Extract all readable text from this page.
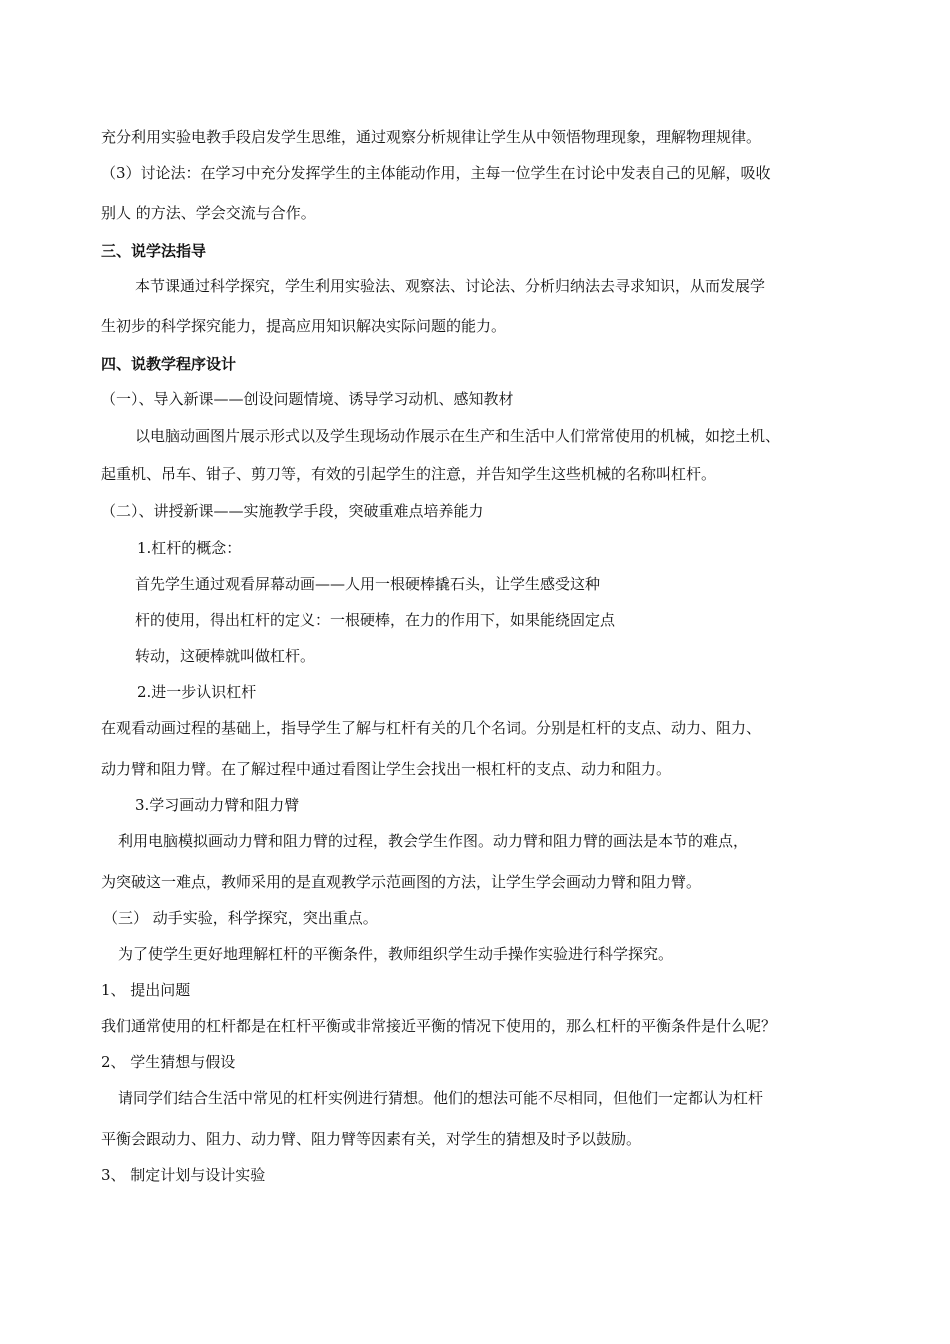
充分利用实验电教手段启发学生思维，通过观察分析规律让学生从中领悟物理现象，理解物理规律。
（3）讨论法：在学习中充分发挥学生的主体能动作用，主每一位学生在讨论中发表自己的见解，吸收
别人 的方法、学会交流与合作。
三、说学法指导
本节课通过科学探究，学生利用实验法、观察法、讨论法、分析归纳法去寻求知识，从而发展学
生初步的科学探究能力，提高应用知识解决实际问题的能力。
四、说教学程序设计
（一）、导入新课——创设问题情境、诱导学习动机、感知教材
以电脑动画图片展示形式以及学生现场动作展示在生产和生活中人们常常使用的机械，如挖土机、
起重机、吊车、钳子、剪刀等，有效的引起学生的注意，并告知学生这些机械的名称叫杠杆。
（二）、讲授新课——实施教学手段，突破重难点培养能力
1.杠杆的概念：
首先学生通过观看屏幕动画——人用一根硬棒撬石头，让学生感受这种
杆的使用，得出杠杆的定义：一根硬棒，在力的作用下，如果能绕固定点
转动，这硬棒就叫做杠杆。
2.进一步认识杠杆
在观看动画过程的基础上，指导学生了解与杠杆有关的几个名词。分别是杠杆的支点、动力、阻力、
动力臂和阻力臂。在了解过程中通过看图让学生会找出一根杠杆的支点、动力和阻力。
3.学习画动力臂和阻力臂
利用电脑模拟画动力臂和阻力臂的过程，教会学生作图。动力臂和阻力臂的画法是本节的难点，
为突破这一难点，教师采用的是直观教学示范画图的方法，让学生学会画动力臂和阻力臂。
（三） 动手实验，科学探究，突出重点。
为了使学生更好地理解杠杆的平衡条件，教师组织学生动手操作实验进行科学探究。
1、 提出问题
我们通常使用的杠杆都是在杠杆平衡或非常接近平衡的情况下使用的，那么杠杆的平衡条件是什么呢？
2、 学生猜想与假设
请同学们结合生活中常见的杠杆实例进行猜想。他们的想法可能不尽相同，但他们一定都认为杠杆
平衡会跟动力、阻力、动力臂、阻力臂等因素有关，对学生的猜想及时予以鼓励。
3、 制定计划与设计实验
